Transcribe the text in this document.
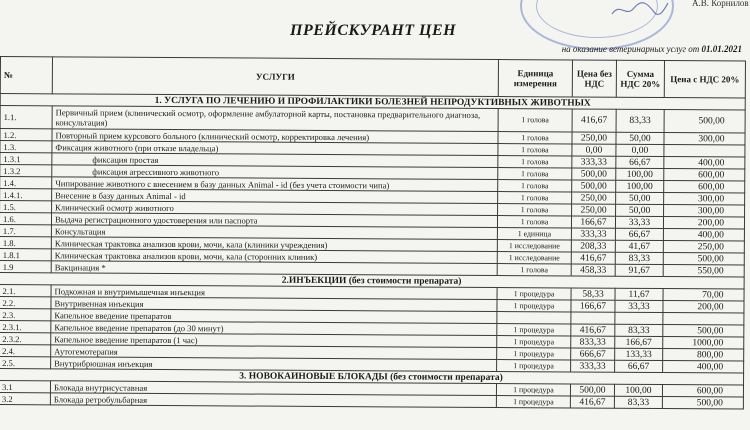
А.В. Корнилов
ПРЕЙСКУРАНТ ЦЕН
на оказание ветеринарных услуг от 01.01.2021
№	УСЛУГИ	Единица измерения	Цена без НДС	Сумма НДС 20%	Цена с НДС 20%
1. УСЛУГА ПО ЛЕЧЕНИЮ И ПРОФИЛАКТИКИ БОЛЕЗНЕЙ НЕПРОДУКТИВНЫХ ЖИВОТНЫХ					
1.1.	Первичный прием (клинический осмотр, оформление амбулаторной карты, постановка предварительного диагноза, консультация)	1 голова	416,67	83,33	500,00
1.2.	Повторный прием курсового больного (клинический осмотр, корректировка лечения)	1 голова	250,00	50,00	300,00
1.3.	Фиксация животного (при отказе владельца)	1 голова	0,00	0,00	
1.3.1	фиксация простая	1 голова	333,33	66,67	400,00
1.3.2	фиксация агрессивного животного	1 голова	500,00	100,00	600,00
1.4.	Чипирование животного с внесением в базу данных Animal - id (без учета стоимости чипа)	1 голова	500,00	100,00	600,00
1.4.1.	Внесение в базу данных Animal - id	1 голова	250,00	50,00	300,00
1.5.	Клинический осмотр животного	1 голова	250,00	50,00	300,00
1.6.	Выдача регистрационного удостоверения или паспорта	1 голова	166,67	33,33	200,00
1.7.	Консультация	1 единица	333,33	66,67	400,00
1.8.	Клиническая трактовка анализов крови, мочи, кала (клиники учреждения)	1 исследование	208,33	41,67	250,00
1.8.1	Клиническая трактовка анализов крови, мочи, кала (сторонних клиник)	1 исследование	416,67	83,33	500,00
1.9	Вакцинация *	1 голова	458,33	91,67	550,00
2.ИНЪЕКЦИИ (без стоимости препарата)					
2.1.	Подкожная и внутримышечная инъекция	1 процедура	58,33	11,67	70,00
2.2.	Внутривенная инъекция	1 процедура	166,67	33,33	200,00
2.3.	Капельное введение препаратов				
2.3.1.	Капельное введение препаратов (до 30 минут)	1 процедура	416,67	83,33	500,00
2.3.2.	Капельное введение препаратов (1 час)	1 процедура	833,33	166,67	1000,00
2.4.	Аутогемотерапия	1 процедура	666,67	133,33	800,00
2.5.	Внутрибрюшная инъекция	1 процедура	333,33	66,67	400,00
3. НОВОКАИНОВЫЕ БЛОКАДЫ (без стоимости препарата)					
3.1	Блокада внутрисуставная	1 процедура	500,00	100,00	600,00
3.2	Блокада ретробульбарная	1 процедура	416,67	83,33	500,00
